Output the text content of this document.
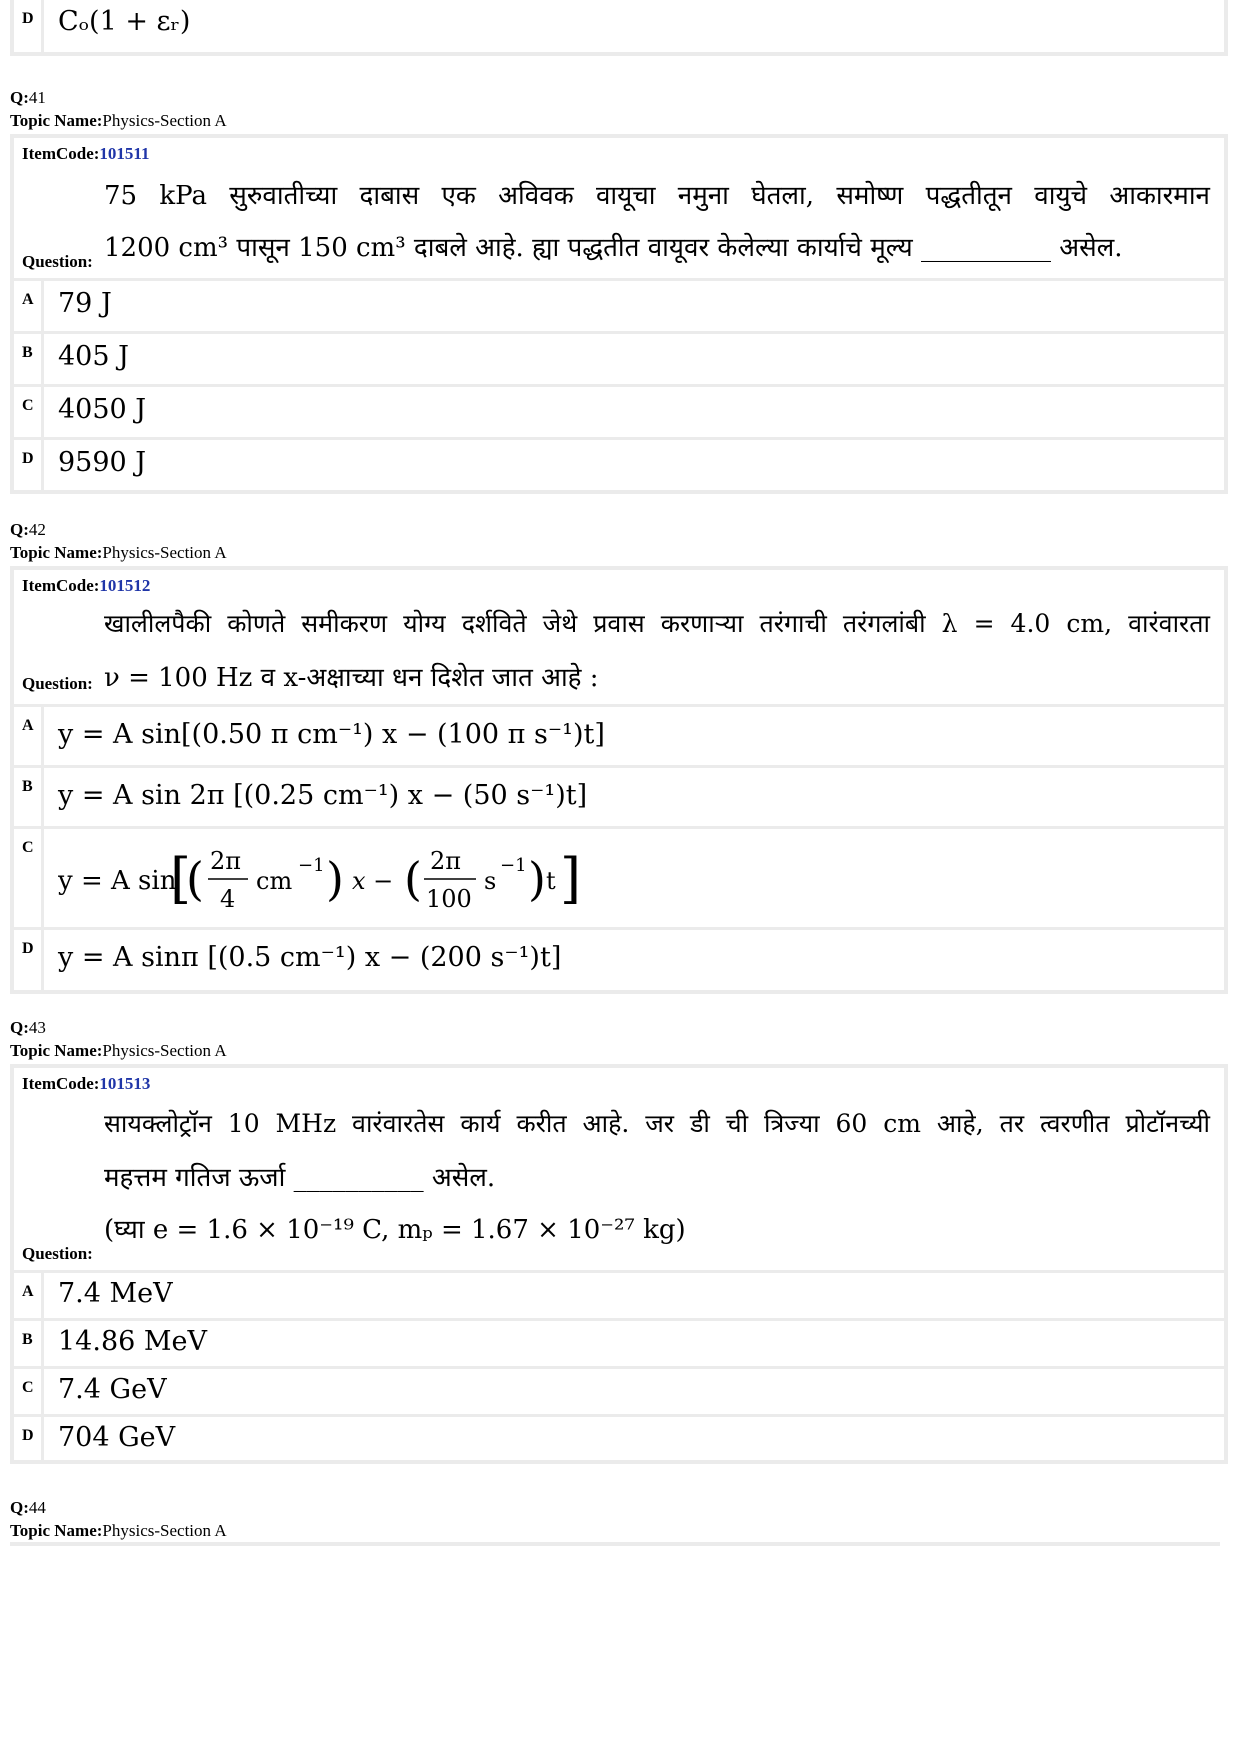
D Cₒ(1 + εᵣ)
Q:41
Topic Name:Physics-Section A
ItemCode:101511
75 kPa सुरुवातीच्या दाबास एक अविवक वायूचा नमुना घेतला, समोष्ण पद्धतीतून वायुचे आकारमान
1200 cm³ पासून 150 cm³ दाबले आहे. ह्या पद्धतीत वायूवर केलेल्या कार्याचे मूल्य __________ असेल.
Question:
A 79 J
B 405 J
C 4050 J
D 9590 J
Q:42
Topic Name:Physics-Section A
ItemCode:101512
खालीलपैकी कोणते समीकरण योग्य दर्शविते जेथे प्रवास करणाऱ्या तरंगाची तरंगलांबी λ = 4.0 cm, वारंवारता
ν = 100 Hz व x-अक्षाच्या धन दिशेत जात आहे :
Question:
A y = A sin[(0.50 π cm⁻¹) x − (100 π s⁻¹)t]
B y = A sin 2π [(0.25 cm⁻¹) x − (50 s⁻¹)t]
C
y = A sin
[
( 2π
4
cm
−1 ) x − ( 2π
100
s
−1 ) t ]
D y = A sinπ [(0.5 cm⁻¹) x − (200 s⁻¹)t]
Q:43
Topic Name:Physics-Section A
ItemCode:101513
सायक्लोट्रॉन 10 MHz वारंवारतेस कार्य करीत आहे. जर डी ची त्रिज्या 60 cm आहे, तर त्वरणीत प्रोटॉनच्यी
महत्तम गतिज ऊर्जा __________ असेल.
(घ्या e = 1.6 × 10⁻¹⁹ C, mₚ = 1.67 × 10⁻²⁷ kg)
Question:
A 7.4 MeV
B 14.86 MeV
C 7.4 GeV
D 704 GeV
Q:44
Topic Name:Physics-Section A
